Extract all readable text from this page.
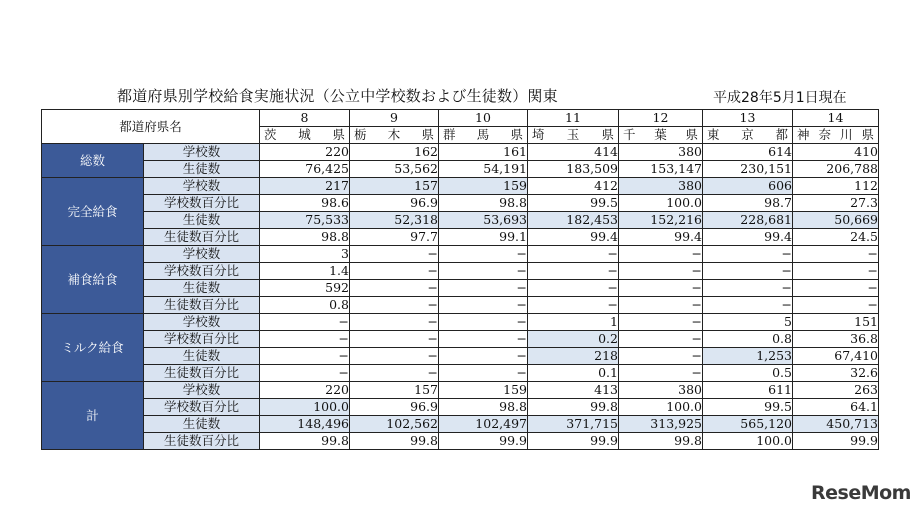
都道府県別学校給食実施状況（公立中学校数および生徒数）関東	平成28年5月1日現在
都道府県名		8	9	10	11	12	13	14

		茨 城 県	栃 木 県	群 馬 県	埼 玉 県	千 葉 県	東 京 都	神 奈 川 県

総数	学校数	220	162	161	414	380	614	410
	生徒数	76,425	53,562	54,191	183,509	153,147	230,151	206,788
完全給食	学校数	217	157	159	412	380	606	112
	学校数百分比	98.6	96.9	98.8	99.5	100.0	98.7	27.3
	生徒数	75,533	52,318	53,693	182,453	152,216	228,681	50,669
	生徒数百分比	98.8	97.7	99.1	99.4	99.4	99.4	24.5
補食給食	学校数	3	−	−	−	−	−	−
	学校数百分比	1.4	−	−	−	−	−	−
	生徒数	592	−	−	−	−	−	−
	生徒数百分比	0.8	−	−	−	−	−	−
ミルク給食	学校数	−	−	−	1	−	5	151
	学校数百分比	−	−	−	0.2	−	0.8	36.8
	生徒数	−	−	−	218	−	1,253	67,410
	生徒数百分比	−	−	−	0.1	−	0.5	32.6
計	学校数	220	157	159	413	380	611	263
	学校数百分比	100.0	96.9	98.8	99.8	100.0	99.5	64.1
	生徒数	148,496	102,562	102,497	371,715	313,925	565,120	450,713
	生徒数百分比	99.8	99.8	99.9	99.9	99.8	100.0	99.9
ReseMom
